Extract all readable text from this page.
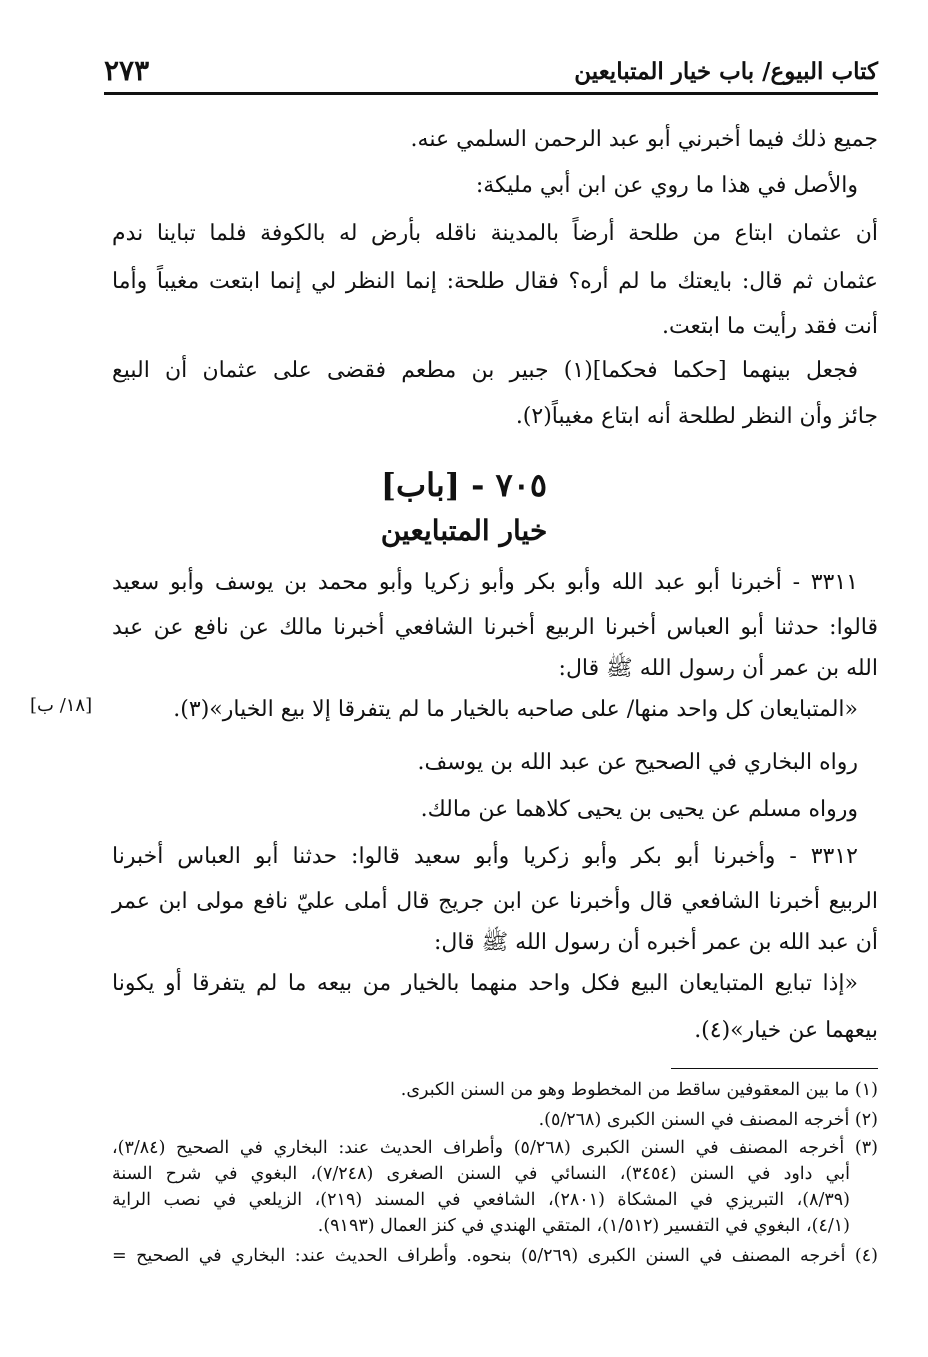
كتاب البيوع/ باب خيار المتبايعين
٢٧٣
جميع ذلك فيما أخبرني أبو عبد الرحمن السلمي عنه.
والأصل في هذا ما روي عن ابن أبي مليكة:
أن عثمان ابتاع من طلحة أرضاً بالمدينة ناقله بأرض له بالكوفة فلما تباينا ندم
عثمان ثم قال: بايعتك ما لم أره؟ فقال طلحة: إنما النظر لي إنما ابتعت مغيباً وأما
أنت فقد رأيت ما ابتعت.
فجعل بينهما [حكما فحكما](١) جبير بن مطعم فقضى على عثمان أن البيع
جائز وأن النظر لطلحة أنه ابتاع مغيباً(٢).
٧٠٥ - [باب]
خيار المتبايعين
٣٣١١ - أخبرنا أبو عبد الله وأبو بكر وأبو زكريا وأبو محمد بن يوسف وأبو سعيد
قالوا: حدثنا أبو العباس أخبرنا الربيع أخبرنا الشافعي أخبرنا مالك عن نافع عن عبد
الله بن عمر أن رسول الله ﷺ قال:
«المتبايعان كل واحد منها/ على صاحبه بالخيار ما لم يتفرقا إلا بيع الخيار»(٣).
[١٨/ ب]
رواه البخاري في الصحيح عن عبد الله بن يوسف.
ورواه مسلم عن يحيى بن يحيى كلاهما عن مالك.
٣٣١٢ - وأخبرنا أبو بكر وأبو زكريا وأبو سعيد قالوا: حدثنا أبو العباس أخبرنا
الربيع أخبرنا الشافعي قال وأخبرنا عن ابن جريج قال أملى عليّ نافع مولى ابن عمر
أن عبد الله بن عمر أخبره أن رسول الله ﷺ قال:
«إذا تبايع المتبايعان البيع فكل واحد منهما بالخيار من بيعه ما لم يتفرقا أو يكونا
بيعهما عن خيار»(٤).
(١) ما بين المعقوفين ساقط من المخطوط وهو من السنن الكبرى.
(٢) أخرجه المصنف في السنن الكبرى (٥/٢٦٨).
(٣) أخرجه المصنف في السنن الكبرى (٥/٢٦٨) وأطراف الحديث عند: البخاري في الصحيح (٣/٨٤)،
أبي داود في السنن (٣٤٥٤)، النسائي في السنن الصغرى (٧/٢٤٨)، البغوي في شرح السنة
(٨/٣٩)، التبريزي في المشكاة (٢٨٠١)، الشافعي في المسند (٢١٩)، الزيلعي في نصب الراية
(٤/١)، البغوي في التفسير (١/٥١٢)، المتقي الهندي في كنز العمال (٩١٩٣).
(٤) أخرجه المصنف في السنن الكبرى (٥/٢٦٩) بنحوه. وأطراف الحديث عند: البخاري في الصحيح =
